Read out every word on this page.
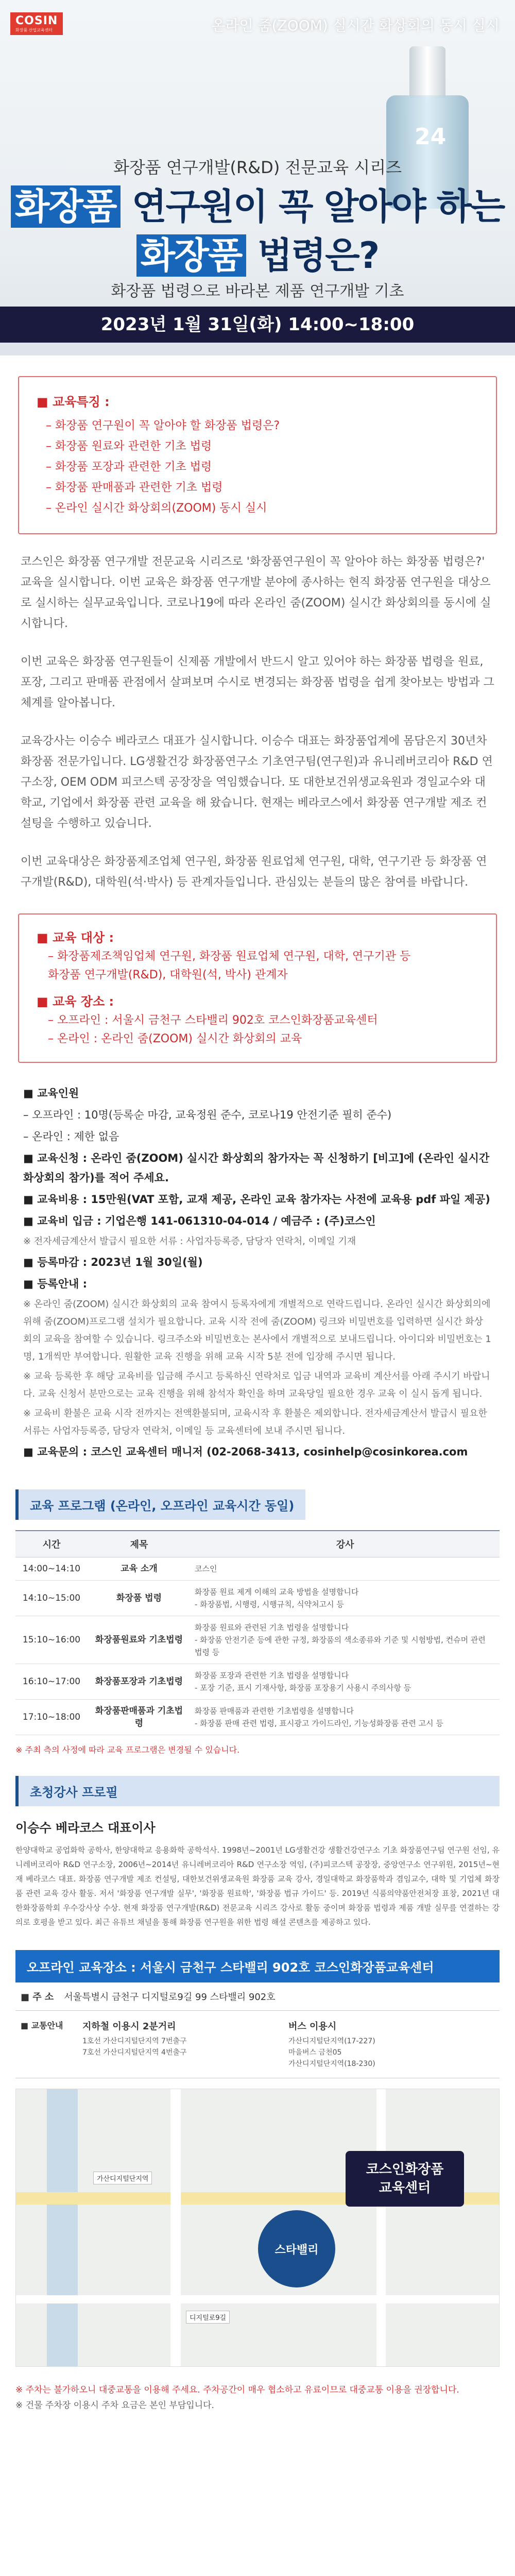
COSIN
화장품 산업교육센터	온라인 줌(ZOOM) 실시간 화상회의 동시 실시
24
화장품 연구개발(R&D) 전문교육 시리즈
화장품 연구원이 꼭 알아야 하는
화장품 법령은?
화장품 법령으로 바라본 제품 연구개발 기초
2023년 1월 31일(화) 14:00~18:00
■ 교육특징 :
– 화장품 연구원이 꼭 알아야 할 화장품 법령은?
– 화장품 원료와 관련한 기초 법령
– 화장품 포장과 관련한 기초 법령
– 화장품 판매품과 관련한 기초 법령
– 온라인 실시간 화상회의(ZOOM) 동시 실시

코스인은 화장품 연구개발 전문교육 시리즈로 '화장품연구원이 꼭 알아야 하는 화장품 법령은?' 교육을 실시합니다. 이번 교육은 화장품 연구개발 분야에 종사하는 현직 화장품 연구원을 대상으로 실시하는 실무교육입니다. 코로나19에 따라 온라인 줌(ZOOM) 실시간 화상회의를 동시에 실시합니다.

이번 교육은 화장품 연구원들이 신제품 개발에서 반드시 알고 있어야 하는 화장품 법령을 원료, 포장, 그리고 판매품 관점에서 살펴보며 수시로 변경되는 화장품 법령을 쉽게 찾아보는 방법과 그 체계를 알아봅니다.

교육강사는 이승수 베라코스 대표가 실시합니다. 이승수 대표는 화장품업계에 몸담은지 30년차 화장품 전문가입니다. LG생활건강 화장품연구소 기초연구팀(연구원)과 유니레버코리아 R&D 연구소장, OEM ODM 피코스텍 공장장을 역임했습니다. 또 대한보건위생교육원과 경일교수와 대학교, 기업에서 화장품 관련 교육을 해 왔습니다. 현재는 베라코스에서 화장품 연구개발 제조 컨설팅을 수행하고 있습니다.

이번 교육대상은 화장품제조업체 연구원, 화장품 원료업체 연구원, 대학, 연구기관 등 화장품 연구개발(R&D), 대학원(석·박사) 등 관계자들입니다. 관심있는 분들의 많은 참여를 바랍니다.

■ 교육 대상 :
– 화장품제조책임업체 연구원, 화장품 원료업체 연구원, 대학, 연구기관 등
화장품 연구개발(R&D), 대학원(석, 박사) 관계자
■ 교육 장소 :
– 오프라인 : 서울시 금천구 스타밸리 902호 코스인화장품교육센터
– 온라인 : 온라인 줌(ZOOM) 실시간 화상회의 교육
■ 교육인원
– 오프라인 : 10명(등록순 마감, 교육정원 준수, 코로나19 안전기준 필히 준수)
– 온라인 : 제한 없음
■ 교육신청 : 온라인 줌(ZOOM) 실시간 화상회의 참가자는 꼭 신청하기 [비고]에 (온라인 실시간 화상회의 참가)를 적어 주세요.
■ 교육비용 : 15만원(VAT 포함, 교재 제공, 온라인 교육 참가자는 사전에 교육용 pdf 파일 제공)
■ 교육비 입금 : 기업은행 141-061310-04-014 / 예금주 : (주)코스인
※ 전자세금계산서 발급시 필요한 서류 : 사업자등록증, 담당자 연락처, 이메일 기재
■ 등록마감 : 2023년 1월 30일(월)
■ 등록안내 :
※ 온라인 줌(ZOOM) 실시간 화상회의 교육 참여시 등록자에게 개별적으로 연락드립니다. 온라인 실시간 화상회의에 위해 줌(ZOOM)프로그램 설치가 필요합니다. 교육 시작 전에 줌(ZOOM) 링크와 비밀번호를 입력하면 실시간 화상회의 교육을 참여할 수 있습니다. 링크주소와 비밀번호는 본사에서 개별적으로 보내드립니다. 아이디와 비밀번호는 1명, 1개씩만 부여합니다. 원활한 교육 진행을 위해 교육 시작 5분 전에 입장해 주시면 됩니다.
※ 교육 등록한 후 해당 교육비를 입금해 주시고 등록하신 연락처로 입금 내역과 교육비 계산서를 아래 주시기 바랍니다. 교육 신청서 분만으로는 교육 진행을 위해 참석자 확인을 하며 교육당일 필요한 경우 교육 이 실시 돕게 됩니다.
※ 교육비 환불은 교육 시작 전까지는 전액환불되며, 교육시작 후 환불은 제외합니다. 전자세금계산서 발급시 필요한 서류는 사업자등록증, 담당자 연락처, 이메일 등 교육센터에 보내 주시면 됩니다.
■ 교육문의 : 코스인 교육센터 매니저 (02-2068-3413, cosinhelp@cosinkorea.com
교육 프로그램 (온라인, 오프라인 교육시간 동일)
시간	제목	강사
14:00~14:10	교육 소개	코스인
14:10~15:00	화장품 법령	화장품 원료 제게 이해의 교육 방법을 설명합니다
- 화장품법, 시행령, 시행규칙, 식약처고시 등
15:10~16:00	화장품원료와 기초법령	화장품 원료와 관련된 기초 법령을 설명합니다
- 화장품 안전기준 등에 관한 규정, 화장품의 색소종류와 기준 및 시험방법, 컨슈머 관련 법령 등
16:10~17:00	화장품포장과 기초법령	화장품 포장과 관련한 기초 법령을 설명합니다
- 포장 기준, 표시 기재사항, 화장품 포장용기 사용시 주의사항 등
17:10~18:00	화장품판매품과 기초법령	화장품 판매품과 관련한 기초법령을 설명합니다
- 화장품 판매 관련 법령, 표시광고 가이드라인, 기능성화장품 관련 고시 등
※ 주최 측의 사정에 따라 교육 프로그램은 변경될 수 있습니다.
초청강사 프로필
이승수 베라코스 대표이사
한양대학교 공업화학 공학사, 한양대학교 응용화학 공학석사. 1998년~2001년 LG생활건강 생활건강연구소 기초 화장품연구팀 연구원 선임, 유니레버코리아 R&D 연구소장, 2006년~2014년 유니레버코리아 R&D 연구소장 역임, (주)피코스텍 공장장, 중앙연구소 연구위원, 2015년~현재 베라코스 대표. 화장품 연구개발 제조 컨설팅, 대한보건위생교육원 화장품 교육 강사, 경일대학교 화장품학과 겸임교수, 대학 및 기업체 화장품 관련 교육 강사 활동. 저서 '화장품 연구개발 실무', '화장품 원료학', '화장품 법규 가이드' 등. 2019년 식품의약품안전처장 표창, 2021년 대한화장품학회 우수강사상 수상. 현재 화장품 연구개발(R&D) 전문교육 시리즈 강사로 활동 중이며 화장품 법령과 제품 개발 실무를 연결하는 강의로 호평을 받고 있다. 최근 유튜브 채널을 통해 화장품 연구원을 위한 법령 해설 콘텐츠를 제공하고 있다.
오프라인 교육장소 : 서울시 금천구 스타밸리 902호 코스인화장품교육센터
■ 주 소 서울특별시 금천구 디지털로9길 99 스타밸리 902호
■ 교통안내	지하철 이용시 2분거리
1호선 가산디지털단지역 7번출구
7호선 가산디지털단지역 4번출구
버스 이용시
가산디지털단지역(17-227)
마을버스 금천05
가산디지털단지역(18-230)
가산디지털단지역
디지털로9길
스타밸리
코스인화장품
교육센터
※ 주차는 불가하오니 대중교통을 이용해 주세요. 주차공간이 매우 협소하고 유료이므로 대중교통 이용을 권장합니다.
※ 건물 주차장 이용시 주차 요금은 본인 부담입니다.
